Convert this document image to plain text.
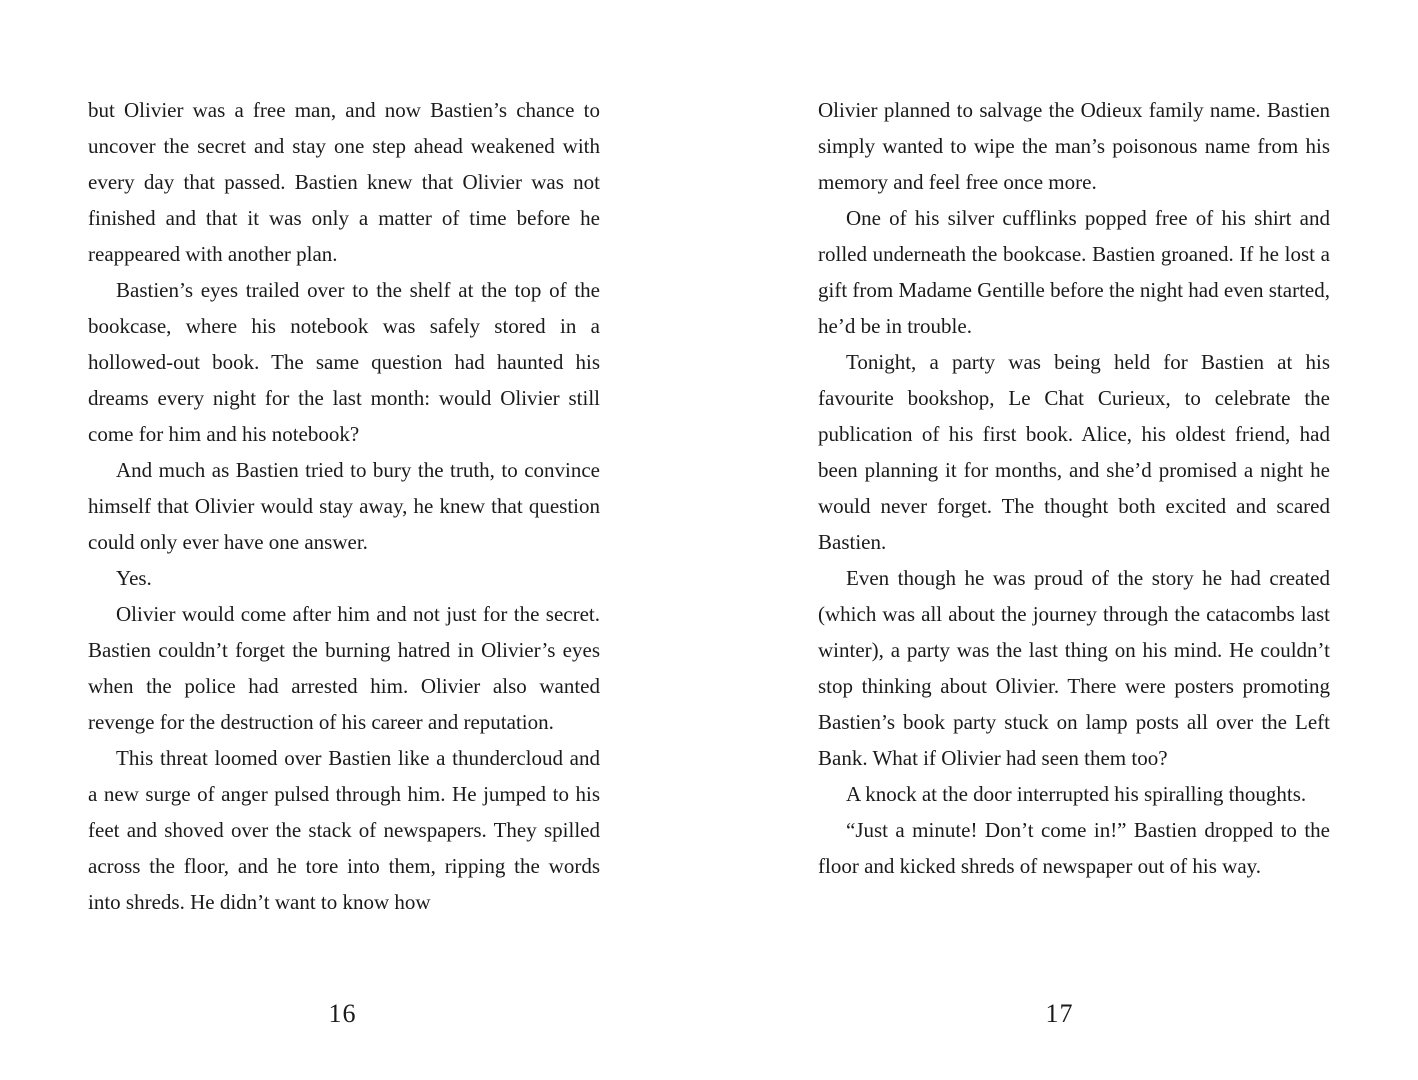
but Olivier was a free man, and now Bastien’s chance to uncover the secret and stay one step ahead weakened with every day that passed. Bastien knew that Olivier was not finished and that it was only a matter of time before he reappeared with another plan.

Bastien’s eyes trailed over to the shelf at the top of the bookcase, where his notebook was safely stored in a hollowed-out book. The same question had haunted his dreams every night for the last month: would Olivier still come for him and his notebook?

And much as Bastien tried to bury the truth, to convince himself that Olivier would stay away, he knew that question could only ever have one answer.

Yes.

Olivier would come after him and not just for the secret. Bastien couldn’t forget the burning hatred in Olivier’s eyes when the police had arrested him. Olivier also wanted revenge for the destruction of his career and reputation.

This threat loomed over Bastien like a thundercloud and a new surge of anger pulsed through him. He jumped to his feet and shoved over the stack of newspapers. They spilled across the floor, and he tore into them, ripping the words into shreds. He didn’t want to know how

16

Olivier planned to salvage the Odieux family name. Bastien simply wanted to wipe the man’s poisonous name from his memory and feel free once more.

One of his silver cufflinks popped free of his shirt and rolled underneath the bookcase. Bastien groaned. If he lost a gift from Madame Gentille before the night had even started, he’d be in trouble.

Tonight, a party was being held for Bastien at his favourite bookshop, Le Chat Curieux, to celebrate the publication of his first book. Alice, his oldest friend, had been planning it for months, and she’d promised a night he would never forget. The thought both excited and scared Bastien.

Even though he was proud of the story he had created (which was all about the journey through the catacombs last winter), a party was the last thing on his mind. He couldn’t stop thinking about Olivier. There were posters promoting Bastien’s book party stuck on lamp posts all over the Left Bank. What if Olivier had seen them too?

A knock at the door interrupted his spiralling thoughts.

“Just a minute! Don’t come in!” Bastien dropped to the floor and kicked shreds of newspaper out of his way.

17
